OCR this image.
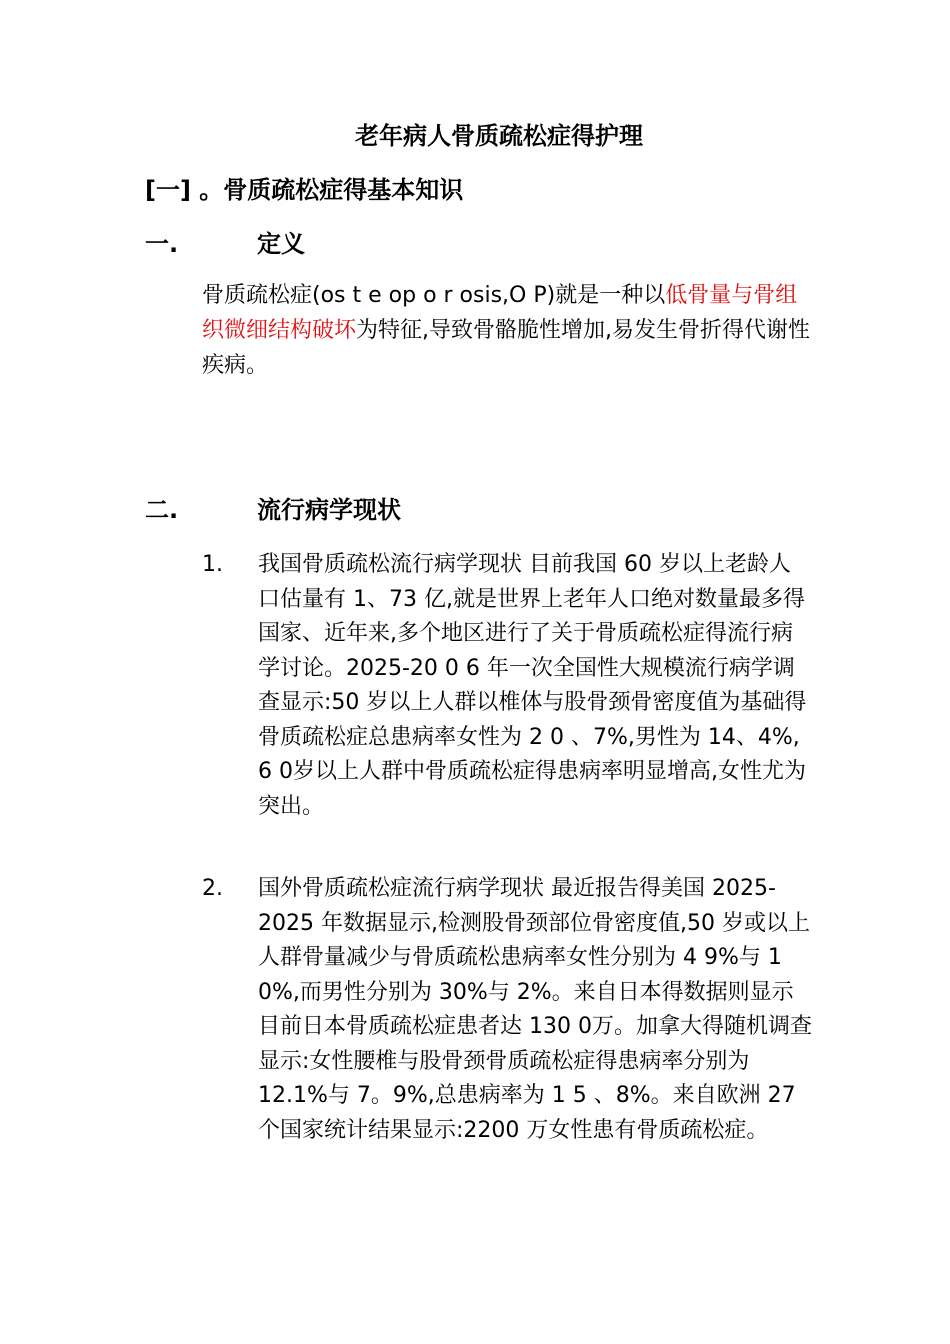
老年病人骨质疏松症得护理
[一] 。骨质疏松症得基本知识
一.	定义
骨质疏松症(os t e op o r osis,O P)就是一种以低骨量与骨组织微细结构破坏为特征,导致骨骼脆性增加,易发生骨折得代谢性疾病。
二.	流行病学现状
1.	我国骨质疏松流行病学现状 目前我国 60 岁以上老龄人口估量有 1、73 亿,就是世界上老年人口绝对数量最多得国家、近年来,多个地区进行了关于骨质疏松症得流行病学讨论。2025-20 0 6 年一次全国性大规模流行病学调查显示:50 岁以上人群以椎体与股骨颈骨密度值为基础得骨质疏松症总患病率女性为 2 0 、7%,男性为 14、4%, 6 0岁以上人群中骨质疏松症得患病率明显增高,女性尤为突出。
2.	国外骨质疏松症流行病学现状 最近报告得美国 2025-2025 年数据显示,检测股骨颈部位骨密度值,50 岁或以上人群骨量减少与骨质疏松患病率女性分别为 4 9%与 1 0%,而男性分别为 30%与 2%。来自日本得数据则显示目前日本骨质疏松症患者达 130 0万。加拿大得随机调查显示:女性腰椎与股骨颈骨质疏松症得患病率分别为 12.1%与 7。9%,总患病率为 1 5 、8%。来自欧洲 27 个国家统计结果显示:2200 万女性患有骨质疏松症。
